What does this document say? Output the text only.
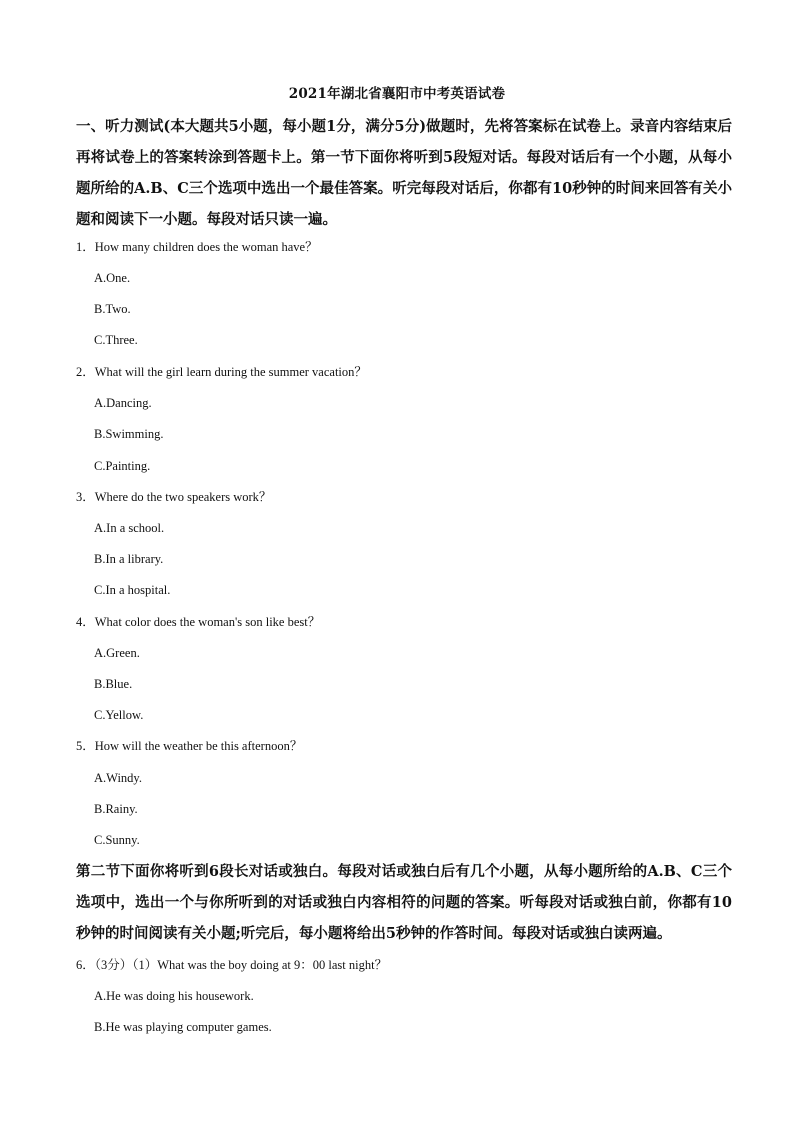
2021年湖北省襄阳市中考英语试卷
一、听力测试(本大题共5小题，每小题1分，满分5分)做题时，先将答案标在试卷上。录音内容结束后再将试卷上的答案转涂到答题卡上。第一节下面你将听到5段短对话。每段对话后有一个小题，从每小题所给的A.B、C三个选项中选出一个最佳答案。听完每段对话后，你都有10秒钟的时间来回答有关小题和阅读下一小题。每段对话只读一遍。
1．How many children does the woman have？
A.One.
B.Two.
C.Three.
2．What will the girl learn during the summer vacation？
A.Dancing.
B.Swimming.
C.Painting.
3．Where do the two speakers work？
A.In a school.
B.In a library.
C.In a hospital.
4．What color does the woman's son like best？
A.Green.
B.Blue.
C.Yellow.
5．How will the weather be this afternoon？
A.Windy.
B.Rainy.
C.Sunny.
第二节下面你将听到6段长对话或独白。每段对话或独白后有几个小题，从每小题所给的A.B、C三个选项中，选出一个与你所听到的对话或独白内容相符的问题的答案。听每段对话或独白前，你都有10秒钟的时间阅读有关小题;听完后，每小题将给出5秒钟的作答时间。每段对话或独白读两遍。
6．（3分）（1）What was the boy doing at 9：00 last night？
A.He was doing his housework.
B.He was playing computer games.
